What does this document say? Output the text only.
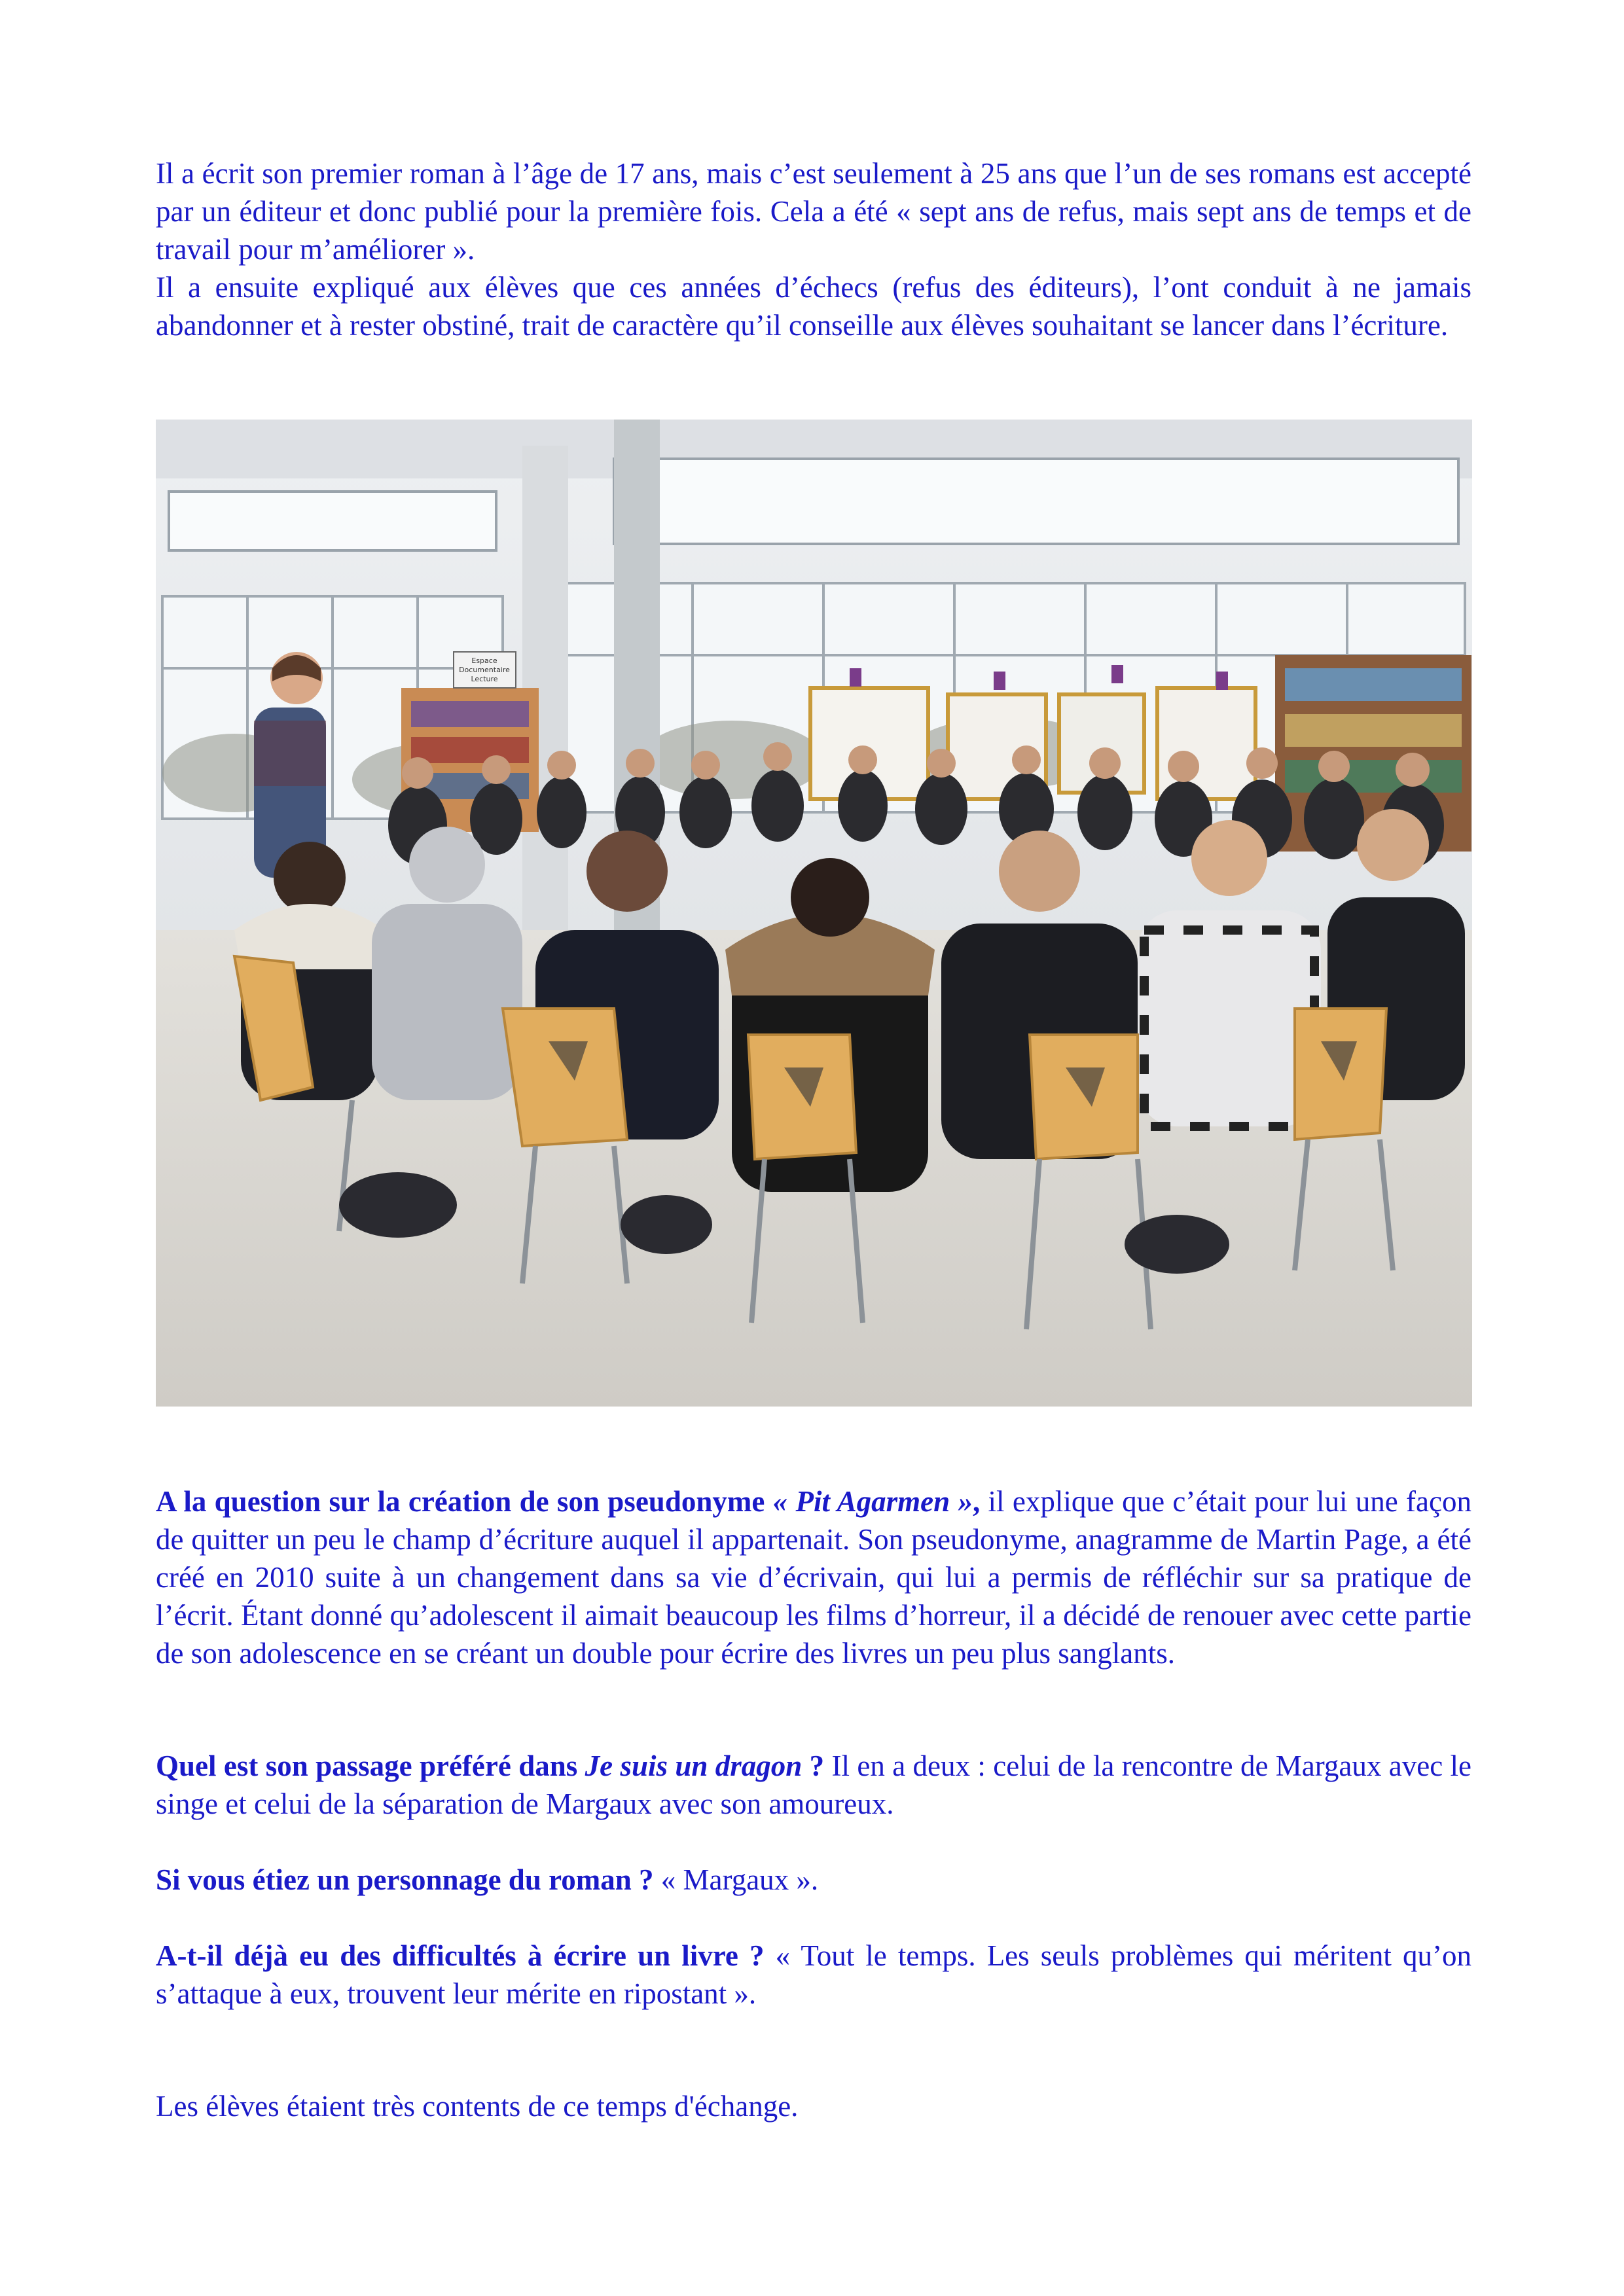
Il a écrit son premier roman à l’âge de 17 ans, mais c’est seulement à 25 ans que l’un de ses romans est accepté par un éditeur et donc publié pour la première fois. Cela a été « sept ans de refus, mais sept ans de temps et de travail pour m’améliorer ».

Il a ensuite expliqué aux élèves que ces années d’échecs (refus des éditeurs), l’ont conduit à ne jamais abandonner et à rester obstiné, trait de caractère qu’il conseille aux élèves souhaitant se lancer dans l’écriture.

Espace
Documentaire
Lecture

A la question sur la création de son pseudonyme « Pit Agarmen », il explique que c’était pour lui une façon de quitter un peu le champ d’écriture auquel il appartenait. Son pseudonyme, anagramme de Martin Page, a été créé en 2010 suite à un changement dans sa vie d’écrivain, qui lui a permis de réfléchir sur sa pratique de l’écrit. Étant donné qu’adolescent il aimait beaucoup les films d’horreur, il a décidé de renouer avec cette partie de son adolescence en se créant un double pour écrire des livres un peu plus sanglants.

Quel est son passage préféré dans Je suis un dragon ? Il en a deux : celui de la rencontre de Margaux avec le singe et celui de la séparation de Margaux avec son amoureux.

Si vous étiez un personnage du roman ? « Margaux ».

A-t-il déjà eu des difficultés à écrire un livre ? « Tout le temps. Les seuls problèmes qui méritent qu’on s’attaque à eux, trouvent leur mérite en ripostant ».

Les élèves étaient très contents de ce temps d'échange.
